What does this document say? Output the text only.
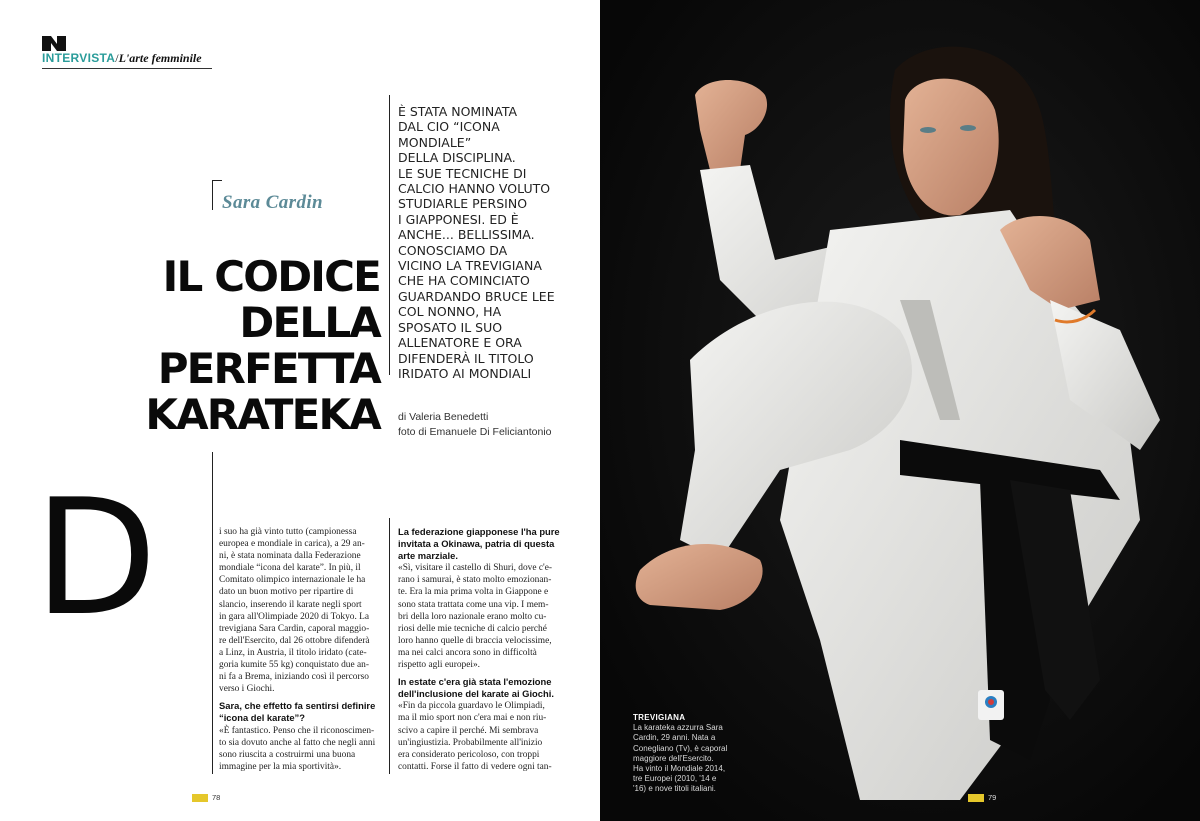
INTERVISTA/L'arte femminile
Sara Cardin
IL CODICE
DELLA
PERFETTA
KARATEKA
È STATA NOMINATA
DAL CIO “ICONA
MONDIALE”
DELLA DISCIPLINA.
LE SUE TECNICHE DI
CALCIO HANNO VOLUTO
STUDIARLE PERSINO
I GIAPPONESI. ED È
ANCHE... BELLISSIMA.
CONOSCIAMO DA
VICINO LA TREVIGIANA
CHE HA COMINCIATO
GUARDANDO BRUCE LEE
COL NONNO, HA
SPOSATO IL SUO
ALLENATORE E ORA
DIFENDERÀ IL TITOLO
IRIDATO AI MONDIALI
di Valeria Benedetti
foto di Emanuele Di Feliciantonio
D	i suo ha già vinto tutto (campionessa
europea e mondiale in carica), a 29 an-
ni, è stata nominata dalla Federazione
mondiale “icona del karate”. In più, il
Comitato olimpico internazionale le ha
dato un buon motivo per ripartire di
slancio, inserendo il karate negli sport
in gara all'Olimpiade 2020 di Tokyo. La
trevigiana Sara Cardin, caporal maggio-
re dell'Esercito, dal 26 ottobre difenderà
a Linz, in Austria, il titolo iridato (cate-
goria kumite 55 kg) conquistato due an-
ni fa a Brema, iniziando così il percorso
verso i Giochi.
Sara, che effetto fa sentirsi definire
“icona del karate”?
«È fantastico. Penso che il riconoscimen-
to sia dovuto anche al fatto che negli anni
sono riuscita a costruirmi una buona
immagine per la mia sportività».
La federazione giapponese l'ha pure
invitata a Okinawa, patria di questa
arte marziale.
«Sì, visitare il castello di Shuri, dove c'e-
rano i samurai, è stato molto emozionan-
te. Era la mia prima volta in Giappone e
sono stata trattata come una vip. I mem-
bri della loro nazionale erano molto cu-
riosi delle mie tecniche di calcio perché
loro hanno quelle di braccia velocissime,
ma nei calci ancora sono in difficoltà
rispetto agli europei».
In estate c'era già stata l'emozione
dell'inclusione del karate ai Giochi.
«Fin da piccola guardavo le Olimpiadi,
ma il mio sport non c'era mai e non riu-
scivo a capire il perché. Mi sembrava
un'ingiustizia. Probabilmente all'inizio
era considerato pericoloso, con troppi
contatti. Forse il fatto di vedere ogni tan-
78
TREVIGIANA
La karateka azzurra Sara
Cardin, 29 anni. Nata a
Conegliano (Tv), è caporal
maggiore dell'Esercito.
Ha vinto il Mondiale 2014,
tre Europei (2010, '14 e
'16) e nove titoli italiani.
79
